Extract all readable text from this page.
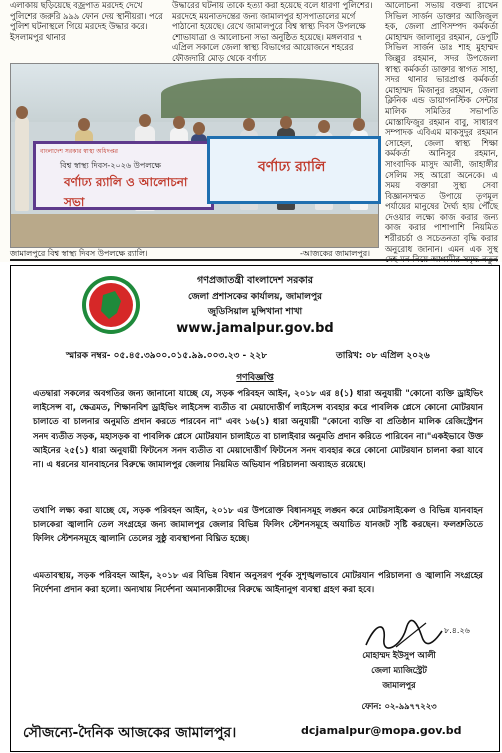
এলাকায় ছড়িয়েছে বজ্রপাত মরদেহ দেখে পুলিশের জরুরি ৯৯৯ ফোন দেয় স্থানীয়রা। পরে পুলিশ ঘটনাস্থলে গিয়ে মরদেহ উদ্ধার করে। ইসলামপুর থানার
উদ্ধারের ঘটনায় তাকে হত্যা করা হয়েছে বলে ধারণা পুলিশের। মরদেহে ময়নাতদন্তের জন্য জামালপুর হাসপাতালের মর্গে পাঠানো হয়েছে। রেখে জামালপুরে বিশ্ব স্বাস্থ্য দিবস উপলক্ষে শোভাযাত্রা ও আলোচনা সভা অনুষ্ঠিত হয়েছে। মঙ্গলবার ৭ এপ্রিল সকালে জেলা স্বাস্থ্য বিভাগের আয়োজনে শহরের ফৌজদারি মোড় থেকে বর্ণাঢ্য
আলোচনা সভায় বক্তব্য রাখেন সিভিল সার্জন ডাক্তার আজিজুল হক, জেলা প্রাণিসম্পদ কর্মকর্তা মোহাম্মদ জালালুর রহমান, ডেপুটি সিভিল সার্জন ডাঃ শাহ মুহাম্মদ জিল্লুর রহমান, সদর উপজেলা স্বাস্থ্য কর্মকর্তা ডাক্তার স্বাগত সাহা, সদর থানার ভারপ্রাপ্ত কর্মকর্তা মোহাম্মদ মিজানুর রহমান, জেলা ক্লিনিক এন্ড ডায়াগনস্টিক সেন্টার মালিক সমিতির সভাপতি মোস্তাফিজুর রহমান বাবু, সাধারণ সম্পাদক এবিএম মাকসুদুর রহমান সোহেল, জেলা স্বাস্থ্য শিক্ষা কর্মকর্তা আনিসুর রহমান, সাংবাদিক মাসুদ আলী, জাহাঙ্গীর সেলিম সহ আরো অনেকে। এ সময় বক্তারা সুস্থ্য সেবা বিজ্ঞানসম্মত উপায়ে তৃণমূল পর্যায়ের মানুষের দৈর্ঘ্য হায় পৌঁছে দেওয়ার লক্ষ্যে কাজ করার জন্য কাজ করার পাশাপাশি নিয়মিত শরীরচর্চা ও সচেতনতা বৃদ্ধি করার অনুরোধ জানান। এমন এক সুস্থ
বাংলাদেশ সরকার স্বাস্থ্য অধিদপ্তর
বিশ্ব স্বাস্থ্য দিবস-২০২৬ উপলক্ষে
বর্ণাঢ্য র‍্যালি ও আলোচনা সভা
বর্ণাঢ্য র‍্যালি
জামালপুরে বিশ্ব স্বাস্থ্য দিবস উপলক্ষে র‍্যালি।	-আজকের জামালপুর।
গণপ্রজাতন্ত্রী বাংলাদেশ সরকার
জেলা প্রশাসকের কার্যালয়, জামালপুর
জুডিসিয়াল মুন্সিখানা শাখা
www.jamalpur.gov.bd
স্মারক নম্বর- ০৫.৪৫.৩৯০০.০১৫.৯৯.০০৩.২৩ - ২২৮	তারিখ: ০৮ এপ্রিল ২০২৬
গণবিজ্ঞপ্তি
এতদ্বারা সকলের অবগতির জন্য জানানো যাচ্ছে যে, সড়ক পরিবহন আইন, ২০১৮ এর ৪(১) ধারা অনুযায়ী "কোনো ব্যক্তি ড্রাইভিং লাইসেন্স বা, ক্ষেত্রমত, শিক্ষানবিশ ড্রাইভিং লাইসেন্স ব্যতীত বা মেয়াদোত্তীর্ণ লাইসেন্স ব্যবহার করে পাবলিক প্লেসে কোনো মোটরযান চালাতে বা চালনার অনুমতি প্রদান করতে পারবেন না" এবং ১৬(১) ধারা অনুযায়ী "কোনো ব্যক্তি বা প্রতিষ্ঠান মালিক রেজিস্ট্রেশন সনদ ব্যতীত সড়ক, মহাসড়ক বা পাবলিক প্লেসে মোটরযান চালাইতে বা চালাইবার অনুমতি প্রদান করিতে পারিবেন না।"একইভাবে উক্ত আইনের ২৫(১) ধারা অনুযায়ী ফিটনেস সনদ ব্যতীত বা মেয়াদোত্তীর্ণ ফিটনেস সনদ ব্যবহার করে কোনো মোটরযান চালনা করা যাবে না। এ ধরনের যানবাহনের বিরুদ্ধে জামালপুর জেলায় নিয়মিত অভিযান পরিচালনা অব্যাহত রয়েছে।
তথাপি লক্ষ্য করা যাচ্ছে যে, সড়ক পরিবহন আইন, ২০১৮ এর উপরোক্ত বিধানসমূহ লঙ্ঘন করে মোটরসাইকেল ও বিভিন্ন যানবাহন চালকেরা জ্বালানি তেল সংগ্রহের জন্য জামালপুর জেলার বিভিন্ন ফিলিং স্টেশনসমূহে অযাচিত যানজট সৃষ্টি করছেন। ফলশ্রুতিতে ফিলিং স্টেশনসমূহে জ্বালানি তেলের সুষ্ঠু ব্যবস্থাপনা বিঘ্নিত হচ্ছে।
এমতাবস্থায়, সড়ক পরিবহন আইন, ২০১৮ এর বিভিন্ন বিধান অনুসরণ পূর্বক সুশৃঙ্খলভাবে মোটরযান পরিচালনা ও জ্বালানি সংগ্রহের নির্দেশনা প্রদান করা হলো। অন্যথায় নির্দেশনা অমান্যকারীদের বিরুদ্ধে আইনানুগ ব্যবস্থা গ্রহণ করা হবে।
৮.৪.২৬
মোহাম্মদ ইউসুপ আলী
জেলা ম্যাজিস্ট্রেট
জামালপুর
ফোন: ০২-৯৯৭৭২২৩
সৌজন্যে-দৈনিক আজকের জামালপুর।	dcjamalpur@mopa.gov.bd
